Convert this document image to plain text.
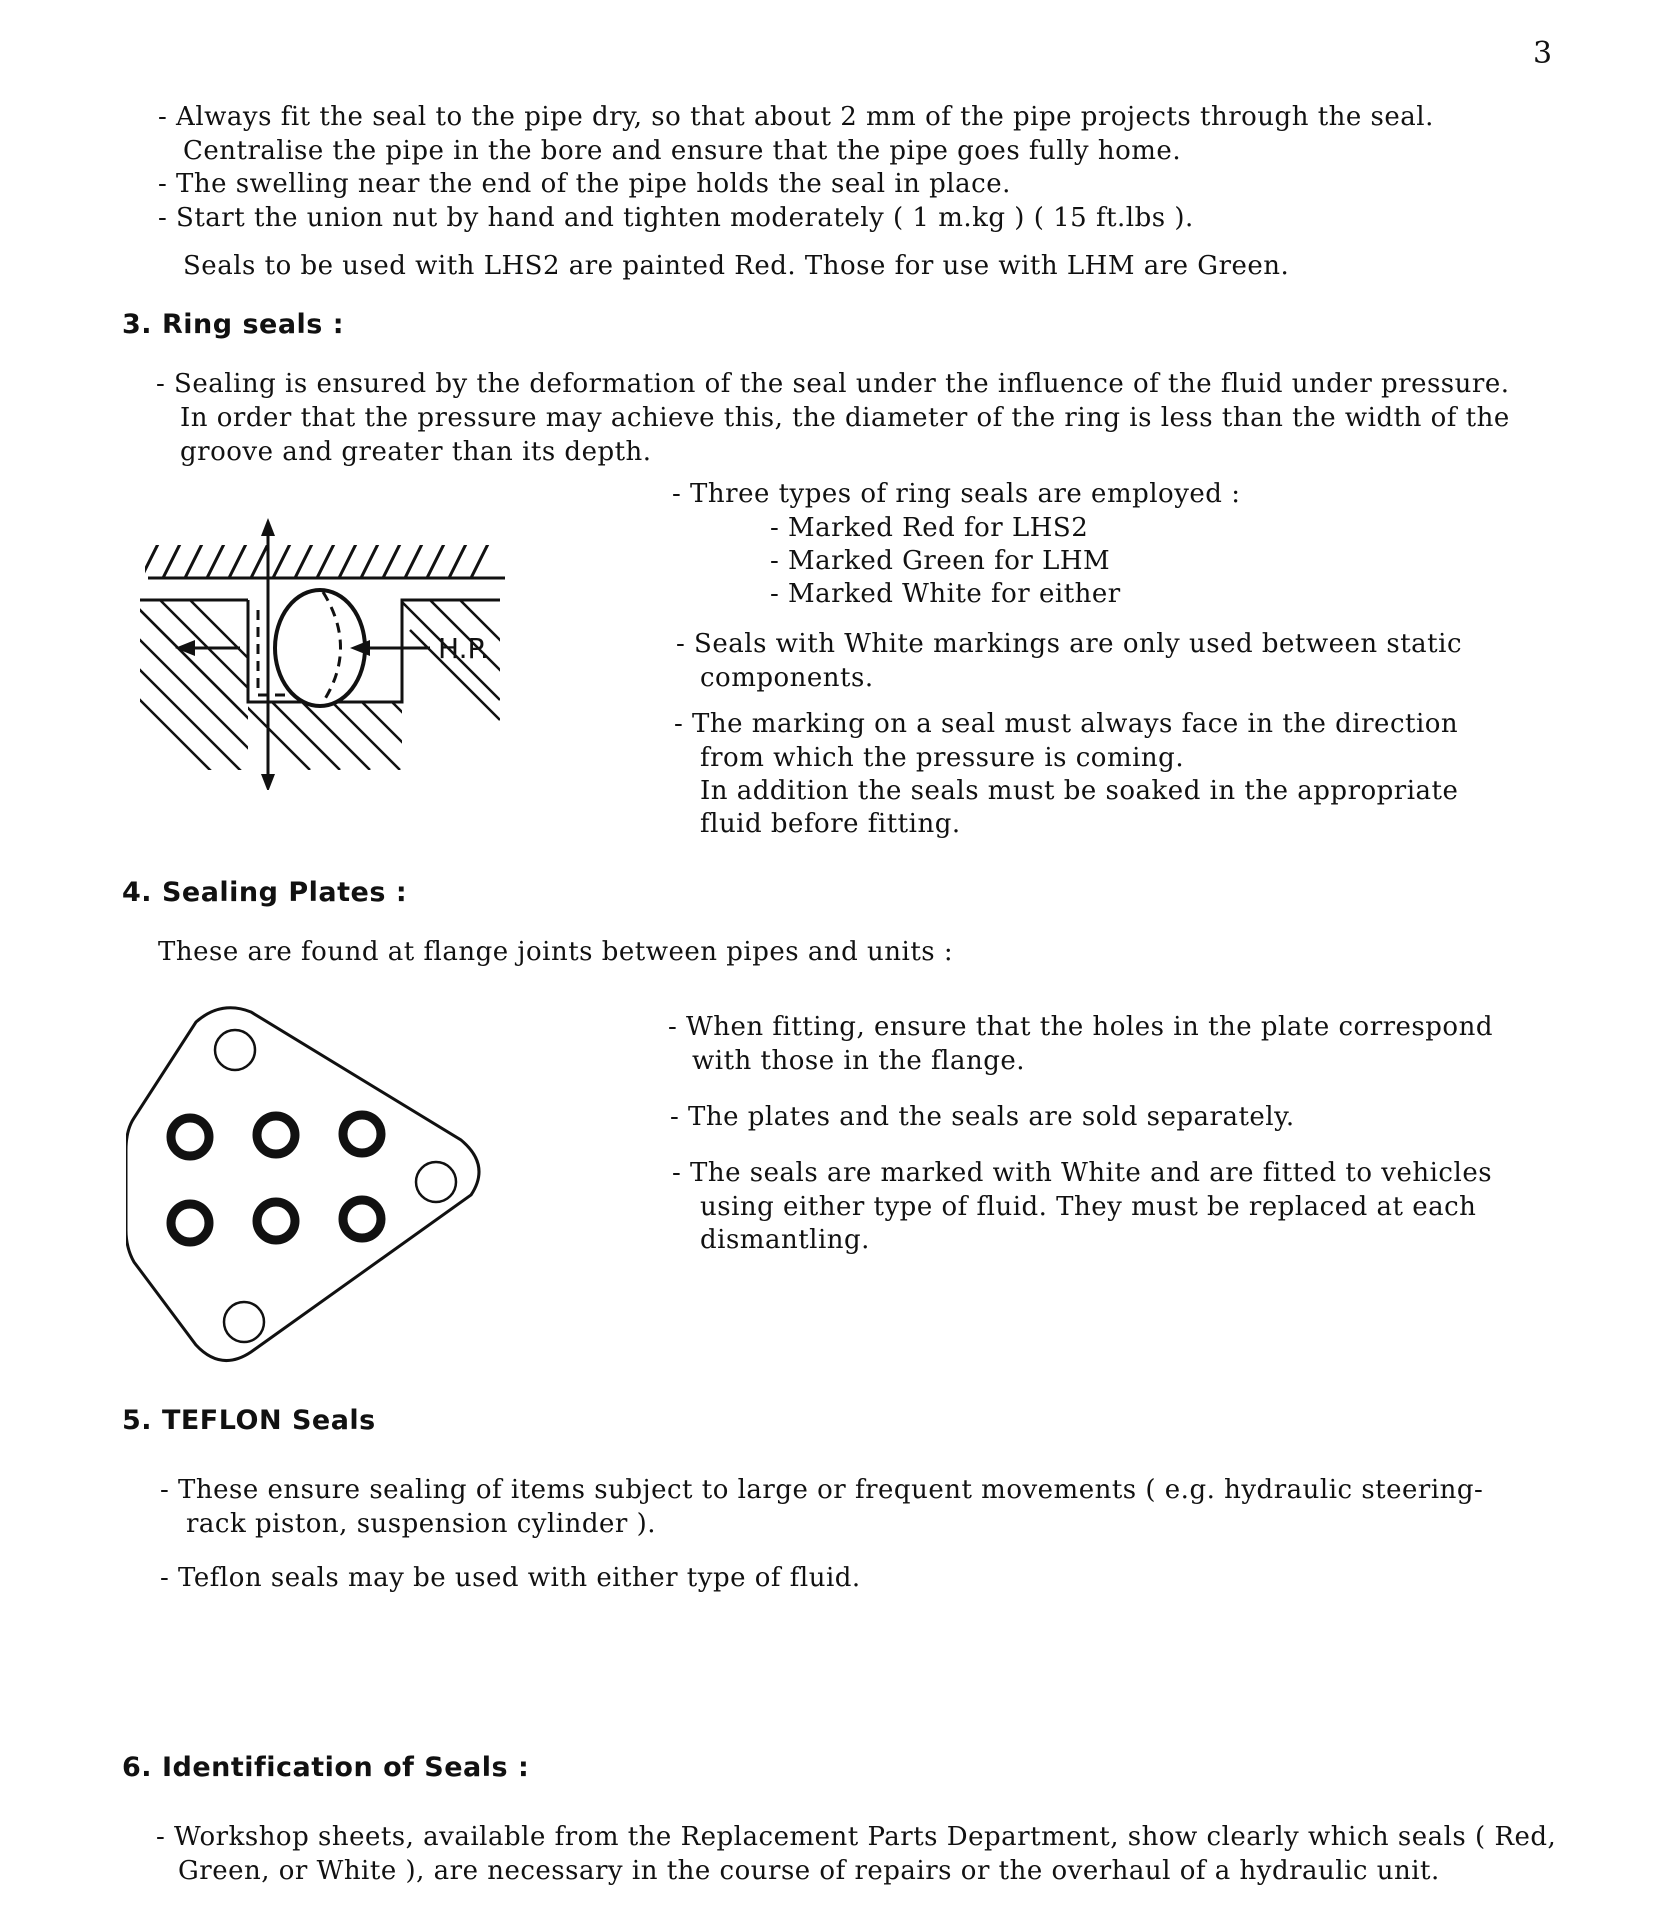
3
- Always fit the seal to the pipe dry, so that about 2 mm of the pipe projects through the seal.
Centralise the pipe in the bore and ensure that the pipe goes fully home.
- The swelling near the end of the pipe holds the seal in place.
- Start the union nut by hand and tighten moderately ( 1 m.kg ) ( 15 ft.lbs ).
Seals to be used with LHS2 are painted Red. Those for use with LHM are Green.
3. Ring seals :
- Sealing is ensured by the deformation of the seal under the influence of the fluid under pressure.
In order that the pressure may achieve this, the diameter of the ring is less than the width of the
groove and greater than its depth.
- Three types of ring seals are employed :
- Marked Red for LHS2
- Marked Green for LHM
- Marked White for either
- Seals with White markings are only used between static
components.
- The marking on a seal must always face in the direction
from which the pressure is coming.
In addition the seals must be soaked in the appropriate
fluid before fitting.
H.P.
4. Sealing Plates :
These are found at flange joints between pipes and units :
- When fitting, ensure that the holes in the plate correspond
with those in the flange.
- The plates and the seals are sold separately.
- The seals are marked with White and are fitted to vehicles
using either type of fluid. They must be replaced at each
dismantling.
5. TEFLON Seals
- These ensure sealing of items subject to large or frequent movements ( e.g. hydraulic steering-
rack piston, suspension cylinder ).
- Teflon seals may be used with either type of fluid.
6. Identification of Seals :
- Workshop sheets, available from the Replacement Parts Department, show clearly which seals ( Red,
Green, or White ), are necessary in the course of repairs or the overhaul of a hydraulic unit.
